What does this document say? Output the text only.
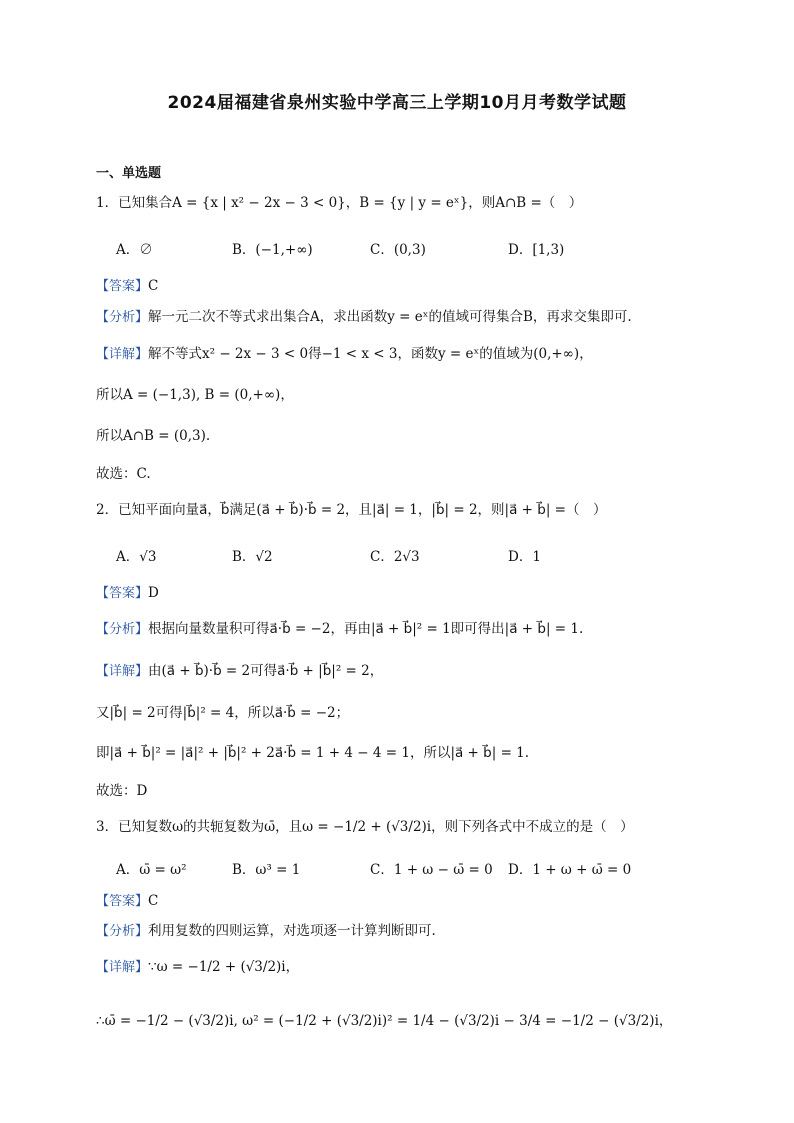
2024届福建省泉州实验中学高三上学期10月月考数学试题
一、单选题
1．已知集合A = {x | x² − 2x − 3 < 0}，B = {y | y = eˣ}，则A∩B =（　）
A．∅	B．(−1,+∞)	C．(0,3)	D．[1,3)
【答案】C
【分析】解一元二次不等式求出集合A，求出函数y = eˣ的值域可得集合B，再求交集即可.
【详解】解不等式x² − 2x − 3 < 0得−1 < x < 3，函数y = eˣ的值域为(0,+∞)，
所以A = (−1,3), B = (0,+∞)，
所以A∩B = (0,3).
故选：C.
2．已知平面向量a⃗，b⃗满足(a⃗ + b⃗)·b⃗ = 2，且|a⃗| = 1，|b⃗| = 2，则|a⃗ + b⃗| =（　）
A．√3	B．√2	C．2√3	D．1
【答案】D
【分析】根据向量数量积可得a⃗·b⃗ = −2，再由|a⃗ + b⃗|² = 1即可得出|a⃗ + b⃗| = 1.
【详解】由(a⃗ + b⃗)·b⃗ = 2可得a⃗·b⃗ + |b⃗|² = 2，
又|b⃗| = 2可得|b⃗|² = 4，所以a⃗·b⃗ = −2；
即|a⃗ + b⃗|² = |a⃗|² + |b⃗|² + 2a⃗·b⃗ = 1 + 4 − 4 = 1，所以|a⃗ + b⃗| = 1.
故选：D
3．已知复数ω的共轭复数为ω̄，且ω = −1/2 + (√3/2)i，则下列各式中不成立的是（　）
A．ω̄ = ω²	B．ω³ = 1	C．1 + ω − ω̄ = 0 D．1 + ω + ω̄ = 0
【答案】C
【分析】利用复数的四则运算，对选项逐一计算判断即可.
【详解】∵ω = −1/2 + (√3/2)i，
∴ω̄ = −1/2 − (√3/2)i, ω² = (−1/2 + (√3/2)i)² = 1/4 − (√3/2)i − 3/4 = −1/2 − (√3/2)i，
